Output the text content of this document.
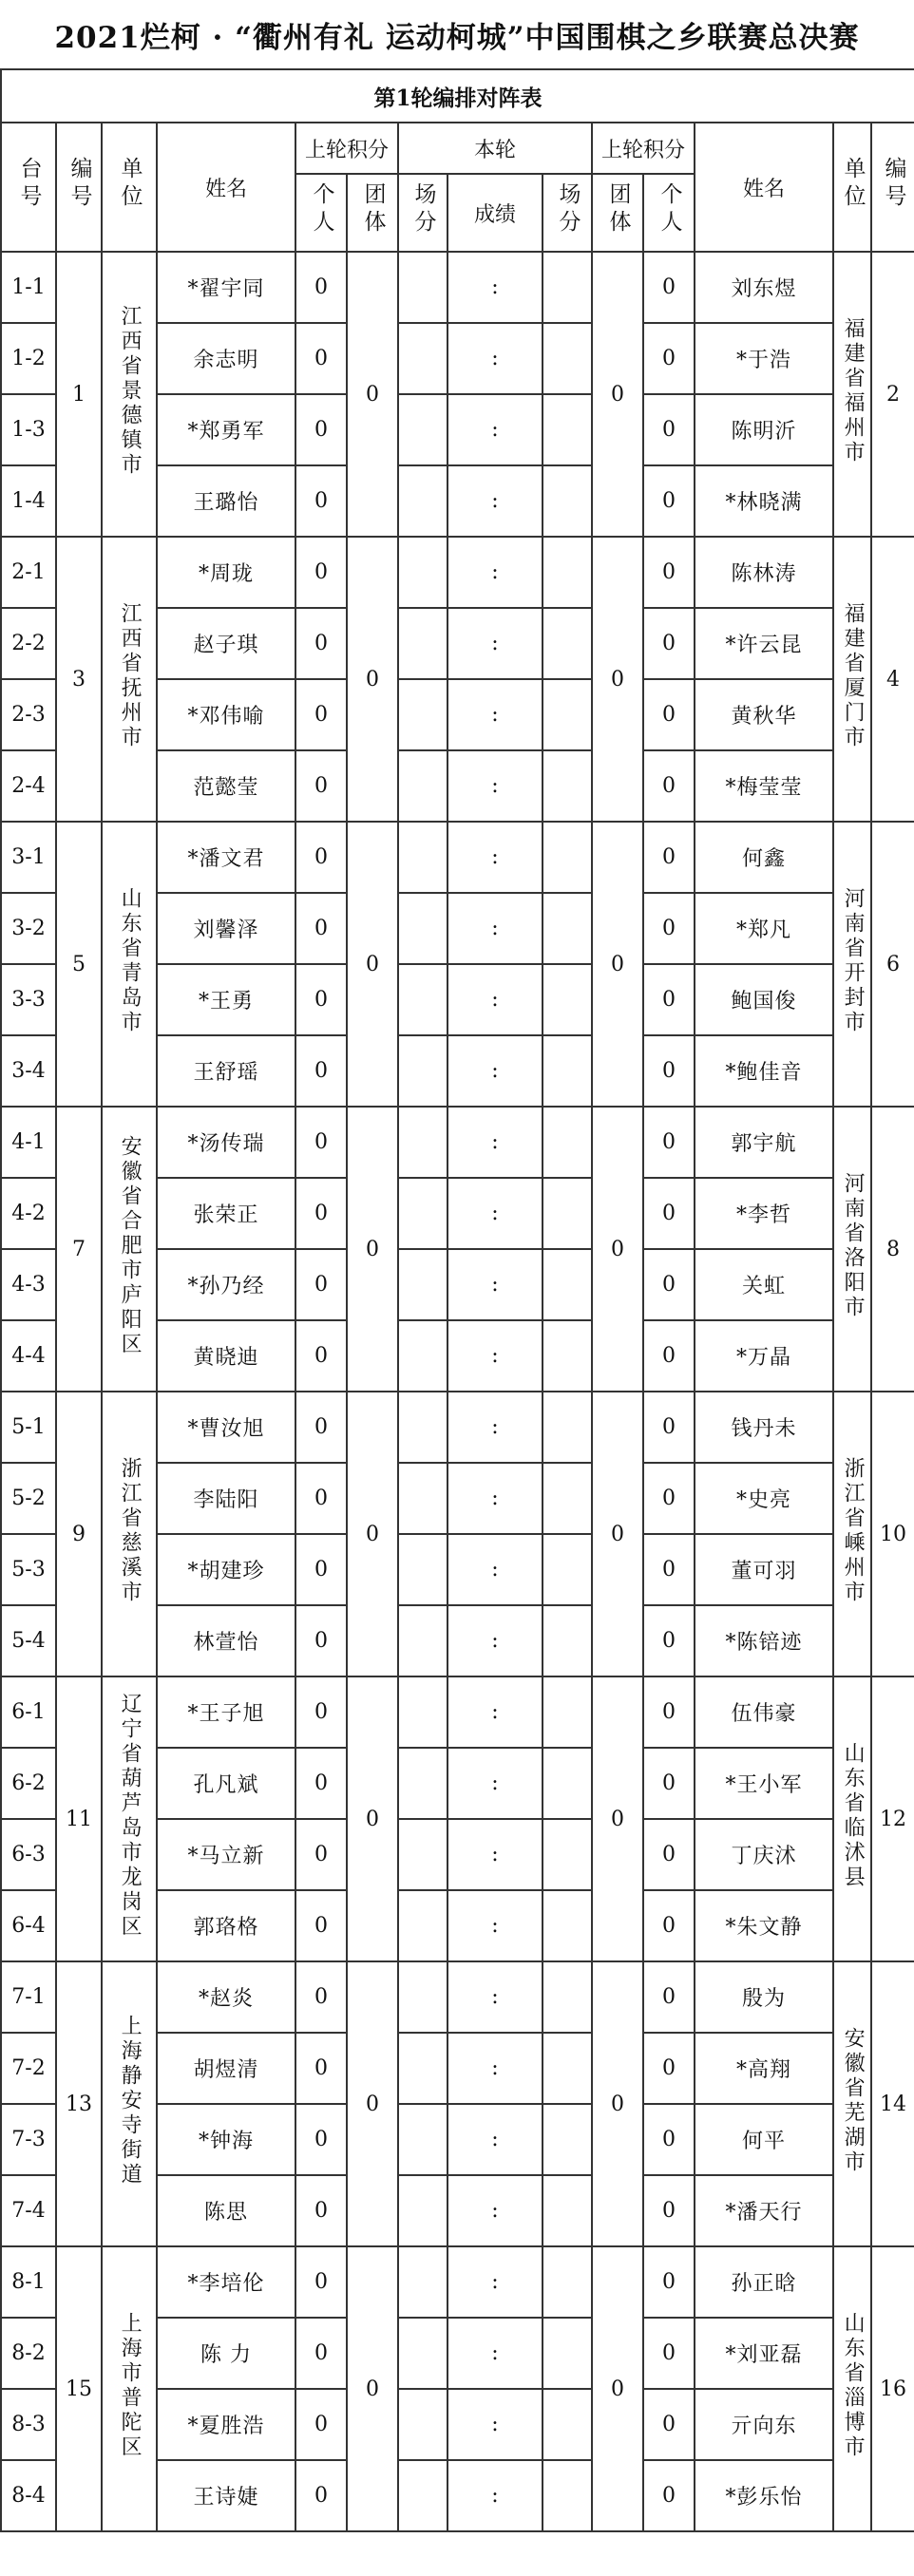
2021烂柯 · “衢州有礼 运动柯城”中国围棋之乡联赛总决赛
第1轮编排对阵表													
台号	编号	单位	姓名	上轮积分		本轮			上轮积分		姓名	单位	编号
				个人	团体	场分	成绩	场分	团体	个人			
1-1	1	江西省景德镇市	*翟宇同	0	0		:		0	0	刘东煜	福建省福州市	2
1-2			余志明	0			:			0	*于浩		
1-3			*郑勇军	0			:			0	陈明沂		
1-4			王璐怡	0			:			0	*林晓满		
2-1	3	江西省抚州市	*周珑	0	0		:		0	0	陈林涛	福建省厦门市	4
2-2			赵子琪	0			:			0	*许云昆		
2-3			*邓伟喻	0			:			0	黄秋华		
2-4			范懿莹	0			:			0	*梅莹莹		
3-1	5	山东省青岛市	*潘文君	0	0		:		0	0	何鑫	河南省开封市	6
3-2			刘馨泽	0			:			0	*郑凡		
3-3			*王勇	0			:			0	鲍国俊		
3-4			王舒瑶	0			:			0	*鲍佳音		
4-1	7	安徽省合肥市庐阳区	*汤传瑞	0	0		:		0	0	郭宇航	河南省洛阳市	8
4-2			张荣正	0			:			0	*李哲		
4-3			*孙乃经	0			:			0	关虹		
4-4			黄晓迪	0			:			0	*万晶		
5-1	9	浙江省慈溪市	*曹汝旭	0	0		:		0	0	钱丹未	浙江省嵊州市	10
5-2			李陆阳	0			:			0	*史亮		
5-3			*胡建珍	0			:			0	董可羽		
5-4			林萱怡	0			:			0	*陈锫迹		
6-1	11	辽宁省葫芦岛市龙岗区	*王子旭	0	0		:		0	0	伍伟豪	山东省临沭县	12
6-2			孔凡斌	0			:			0	*王小军		
6-3			*马立新	0			:			0	丁庆沭		
6-4			郭珞格	0			:			0	*朱文静		
7-1	13	上海静安寺街道	*赵炎	0	0		:		0	0	殷为	安徽省芜湖市	14
7-2			胡煜清	0			:			0	*高翔		
7-3			*钟海	0			:			0	何平		
7-4			陈思	0			:			0	*潘天行		
8-1	15	上海市普陀区	*李培伦	0	0		:		0	0	孙正晗	山东省淄博市	16
8-2			陈 力	0			:			0	*刘亚磊		
8-3			*夏胜浩	0			:			0	亓向东		
8-4			王诗婕	0			:			0	*彭乐怡		
